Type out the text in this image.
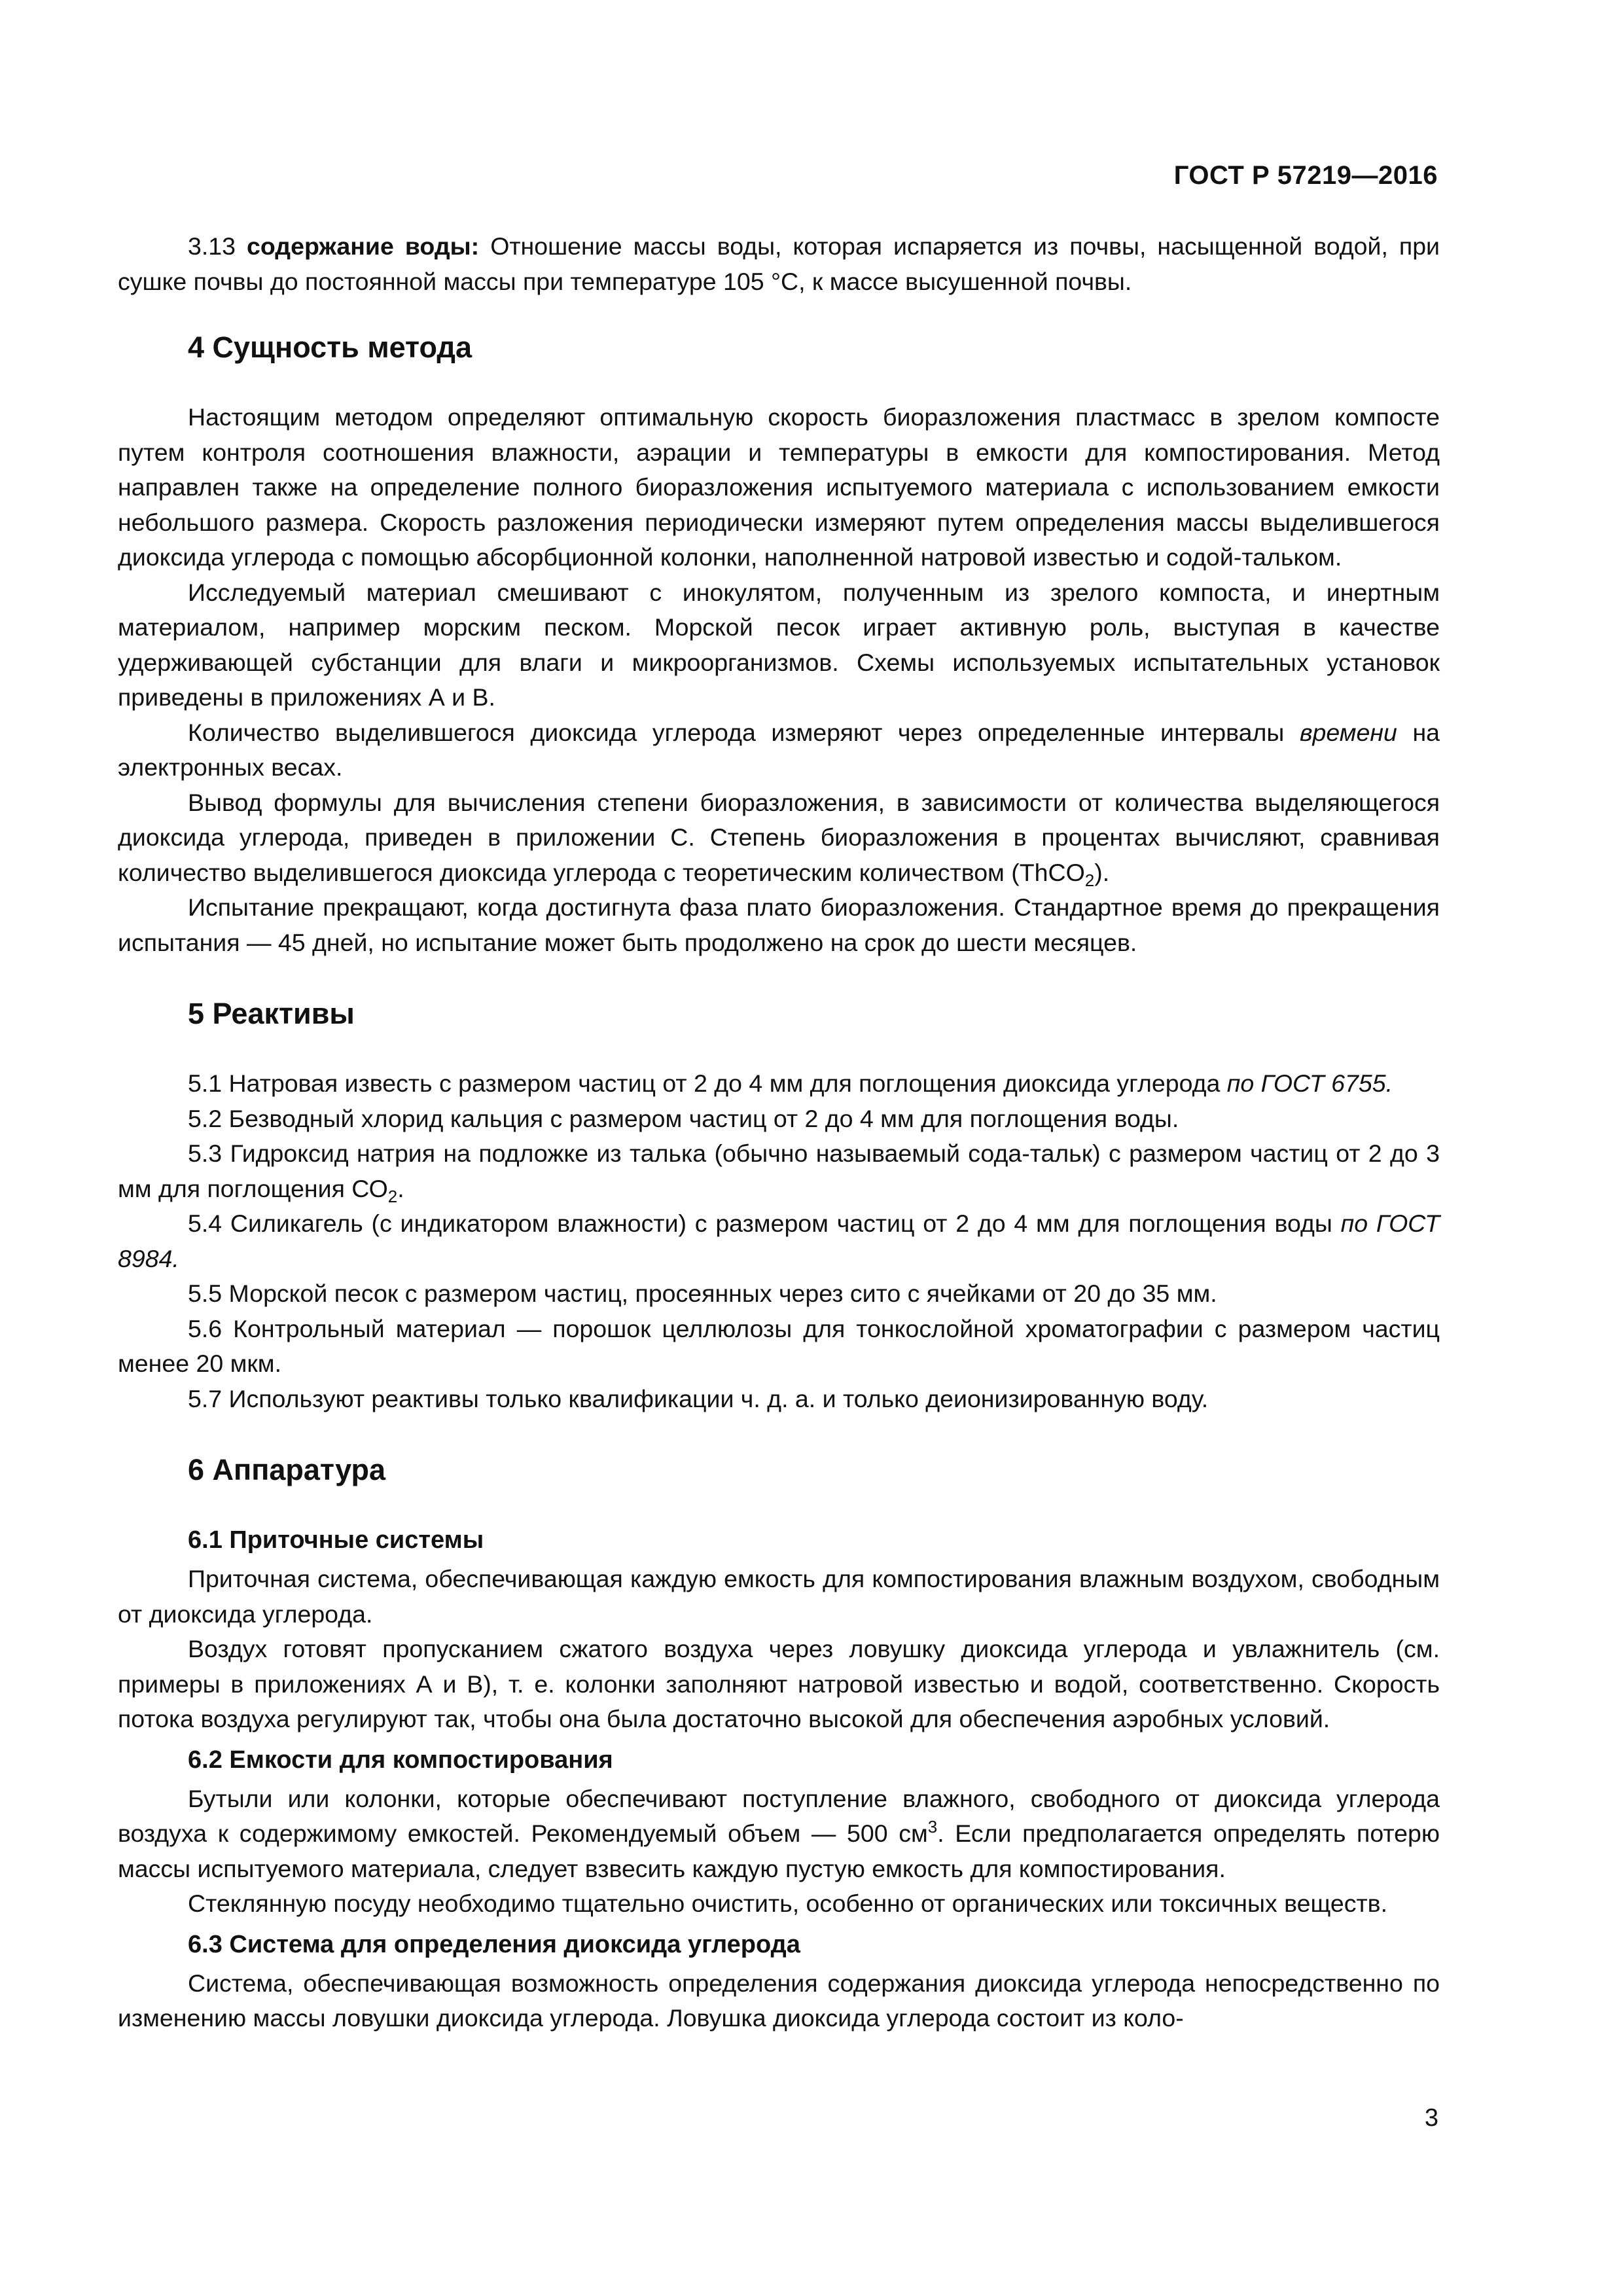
ГОСТ Р 57219—2016

3.13 содержание воды: Отношение массы воды, которая испаряется из почвы, насыщенной водой, при сушке почвы до постоянной массы при температуре 105 °С, к массе высушенной почвы.

4 Сущность метода

Настоящим методом определяют оптимальную скорость биоразложения пластмасс в зрелом компосте путем контроля соотношения влажности, аэрации и температуры в емкости для компостирования. Метод направлен также на определение полного биоразложения испытуемого материала с использованием емкости небольшого размера. Скорость разложения периодически измеряют путем определения массы выделившегося диоксида углерода с помощью абсорбционной колонки, наполненной натровой известью и содой-тальком.

Исследуемый материал смешивают с инокулятом, полученным из зрелого компоста, и инертным материалом, например морским песком. Морской песок играет активную роль, выступая в качестве удерживающей субстанции для влаги и микроорганизмов. Схемы используемых испытательных установок приведены в приложениях А и В.

Количество выделившегося диоксида углерода измеряют через определенные интервалы времени на электронных весах.

Вывод формулы для вычисления степени биоразложения, в зависимости от количества выделяющегося диоксида углерода, приведен в приложении С. Степень биоразложения в процентах вычисляют, сравнивая количество выделившегося диоксида углерода с теоретическим количеством (ThCO$_2$).

Испытание прекращают, когда достигнута фаза плато биоразложения. Стандартное время до прекращения испытания — 45 дней, но испытание может быть продолжено на срок до шести месяцев.

5 Реактивы

5.1 Натровая известь с размером частиц от 2 до 4 мм для поглощения диоксида углерода по ГОСТ 6755.

5.2 Безводный хлорид кальция с размером частиц от 2 до 4 мм для поглощения воды.

5.3 Гидроксид натрия на подложке из талька (обычно называемый сода-тальк) с размером частиц от 2 до 3 мм для поглощения $СО_2$.

5.4 Силикагель (с индикатором влажности) с размером частиц от 2 до 4 мм для поглощения воды по ГОСТ 8984.

5.5 Морской песок с размером частиц, просеянных через сито с ячейками от 20 до 35 мм.

5.6 Контрольный материал — порошок целлюлозы для тонкослойной хроматографии с размером частиц менее 20 мкм.

5.7 Используют реактивы только квалификации ч. д. а. и только деионизированную воду.

6 Аппаратура
6.1 Приточные системы

Приточная система, обеспечивающая каждую емкость для компостирования влажным воздухом, свободным от диоксида углерода.

Воздух готовят пропусканием сжатого воздуха через ловушку диоксида углерода и увлажнитель (см. примеры в приложениях А и В), т. е. колонки заполняют натровой известью и водой, соответственно. Скорость потока воздуха регулируют так, чтобы она была достаточно высокой для обеспечения аэробных условий.

6.2 Емкости для компостирования

Бутыли или колонки, которые обеспечивают поступление влажного, свободного от диоксида углерода воздуха к содержимому емкостей. Рекомендуемый объем — 500 $см^3$. Если предполагается определять потерю массы испытуемого материала, следует взвесить каждую пустую емкость для компостирования.

Стеклянную посуду необходимо тщательно очистить, особенно от органических или токсичных веществ.

6.3 Система для определения диоксида углерода

Система, обеспечивающая возможность определения содержания диоксида углерода непосредственно по изменению массы ловушки диоксида углерода. Ловушка диоксида углерода состоит из коло-

3
